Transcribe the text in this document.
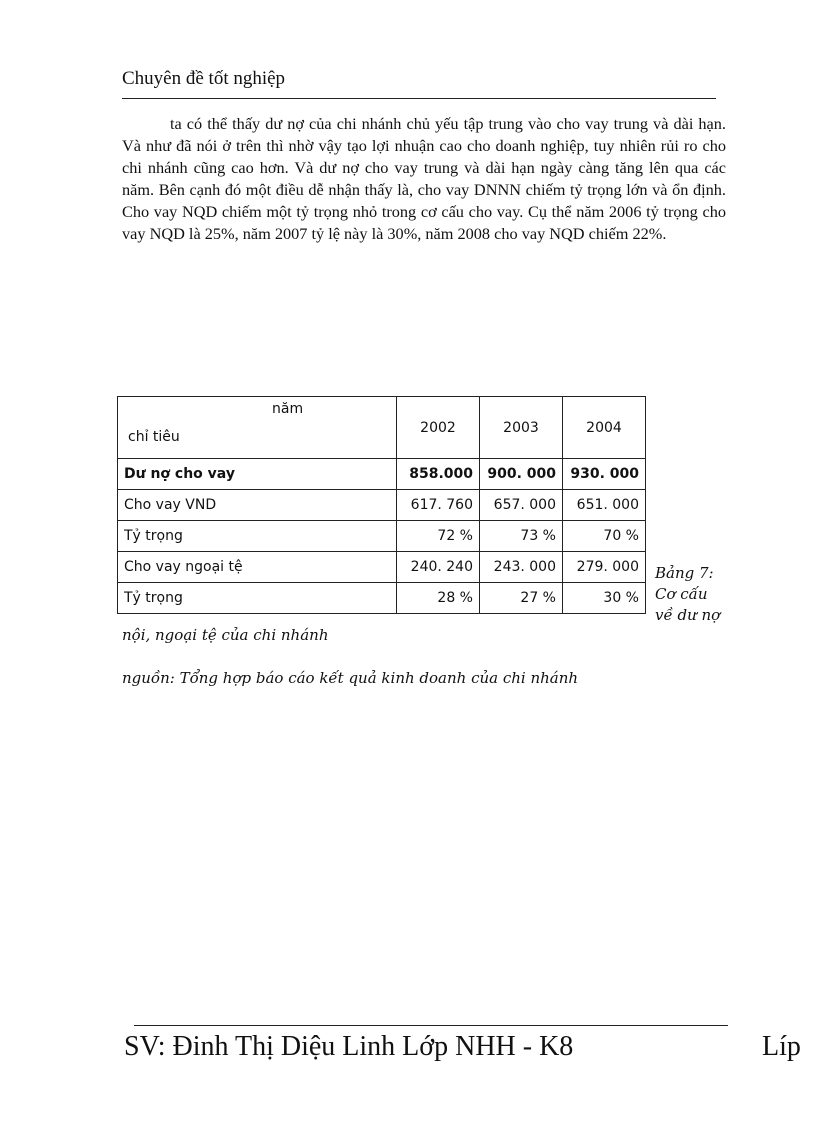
Chuyên đề tốt nghiệp
ta có thể thấy dư nợ của chi nhánh chủ yếu tập trung vào cho vay trung và dài hạn. Và như đã nói ở trên thì nhờ vậy tạo lợi nhuận cao cho doanh nghiệp, tuy nhiên rủi ro cho chi nhánh cũng cao hơn. Và dư nợ cho vay trung và dài hạn ngày càng tăng lên qua các năm. Bên cạnh đó một điều dễ nhận thấy là, cho vay DNNN chiếm tỷ trọng lớn và ổn định. Cho vay NQD chiếm một tỷ trọng nhỏ trong cơ cấu cho vay. Cụ thể năm 2006 tỷ trọng cho vay NQD là 25%, năm 2007 tỷ lệ này là 30%, năm 2008 cho vay NQD chiếm 22%.
năm
chỉ tiêu	2002	2003	2004
Dư nợ cho vay	858.000	900. 000	930. 000
Cho vay VND	617. 760	657. 000	651. 000
Tỷ trọng	72 %	73 %	70 %
Cho vay ngoại tệ	240. 240	243. 000	279. 000
Tỷ trọng	28 %	27 %	30 %
Bảng 7:
Cơ cấu
về dư nợ
nội, ngoại tệ của chi nhánh
nguồn: Tổng hợp báo cáo kết quả kinh doanh của chi nhánh
SV: Đinh Thị Diệu Linh Lớp NHH - K8	Líp
